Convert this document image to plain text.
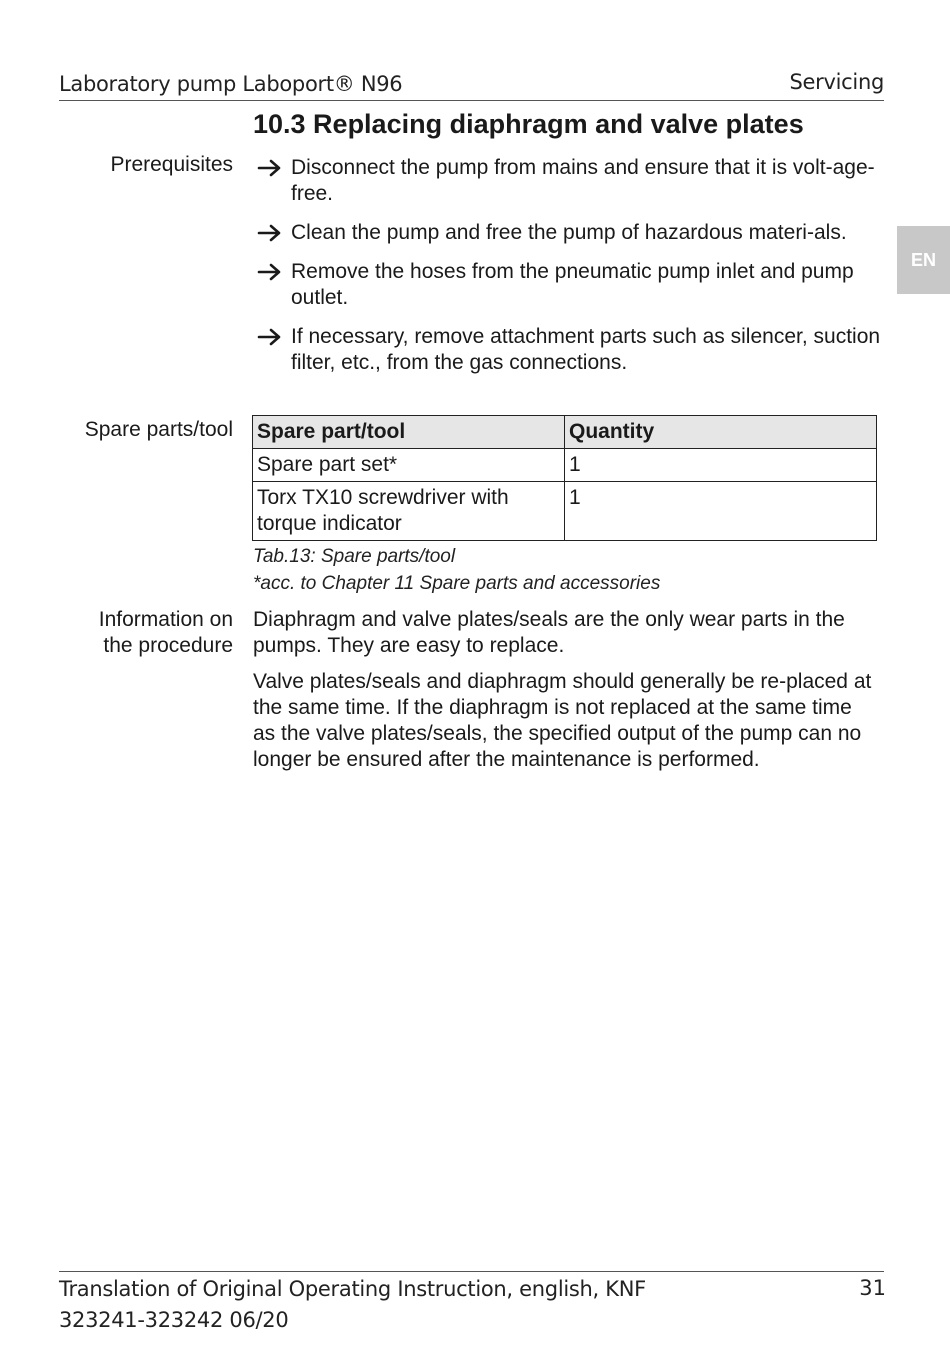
Laboratory pump Laboport® N96	Servicing
EN
10.3 Replacing diaphragm and valve plates
Prerequisites	Disconnect the pump from mains and ensure that it is volt-age-free.
Clean the pump and free the pump of hazardous materi-als.
Remove the hoses from the pneumatic pump inlet and pump outlet.
If necessary, remove attachment parts such as silencer, suction filter, etc., from the gas connections.
Spare parts/tool Spare part/tool	Quantity
Spare part set*	1
Torx TX10 screwdriver with torque indicator	1
Tab.13: Spare parts/tool
*acc. to Chapter 11 Spare parts and accessories
Information on
the procedure
Diaphragm and valve plates/seals are the only wear parts in the pumps. They are easy to replace.
Valve plates/seals and diaphragm should generally be re-placed at the same time. If the diaphragm is not replaced at the same time as the valve plates/seals, the specified output of the pump can no longer be ensured after the maintenance is performed.
Translation of Original Operating Instruction, english, KNF
323241-323242 06/20
31
